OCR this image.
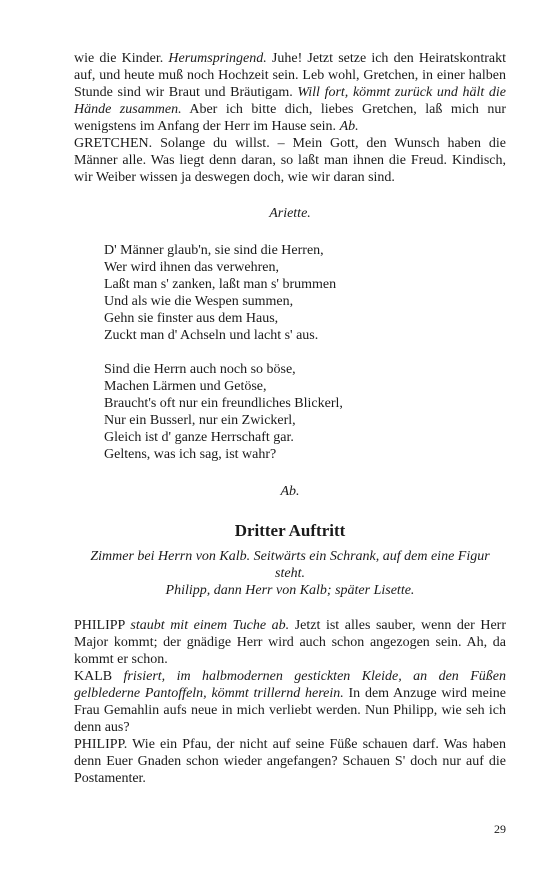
wie die Kinder. Herumspringend. Juhe! Jetzt setze ich den Heiratskontrakt auf, und heute muß noch Hochzeit sein. Leb wohl, Gretchen, in einer halben Stunde sind wir Braut und Bräutigam. Will fort, kömmt zurück und hält die Hände zusammen. Aber ich bitte dich, liebes Gretchen, laß mich nur wenigstens im Anfang der Herr im Hause sein. Ab.

GRETCHEN. Solange du willst. – Mein Gott, den Wunsch haben die Männer alle. Was liegt denn daran, so laßt man ihnen die Freud. Kindisch, wir Weiber wissen ja deswegen doch, wie wir daran sind.

Ariette.

D' Männer glaub'n, sie sind die Herren,
Wer wird ihnen das verwehren,
Laßt man s' zanken, laßt man s' brummen
Und als wie die Wespen summen,
Gehn sie finster aus dem Haus,
Zuckt man d' Achseln und lacht s' aus.
Sind die Herrn auch noch so böse,
Machen Lärmen und Getöse,
Braucht's oft nur ein freundliches Blickerl,
Nur ein Busserl, nur ein Zwickerl,
Gleich ist d' ganze Herrschaft gar.
Geltens, was ich sag, ist wahr?

Ab.

Dritter Auftritt

Zimmer bei Herrn von Kalb. Seitwärts ein Schrank, auf dem eine Figur steht.

Philipp, dann Herr von Kalb; später Lisette.

PHILIPP staubt mit einem Tuche ab. Jetzt ist alles sauber, wenn der Herr Major kommt; der gnädige Herr wird auch schon angezogen sein. Ah, da kommt er schon.

KALB frisiert, im halbmodernen gestickten Kleide, an den Füßen gelblederne Pantoffeln, kömmt trillernd herein. In dem Anzuge wird meine Frau Gemahlin aufs neue in mich verliebt werden. Nun Philipp, wie seh ich denn aus?

PHILIPP. Wie ein Pfau, der nicht auf seine Füße schauen darf. Was haben denn Euer Gnaden schon wieder angefangen? Schauen S' doch nur auf die Postamenter.

29
